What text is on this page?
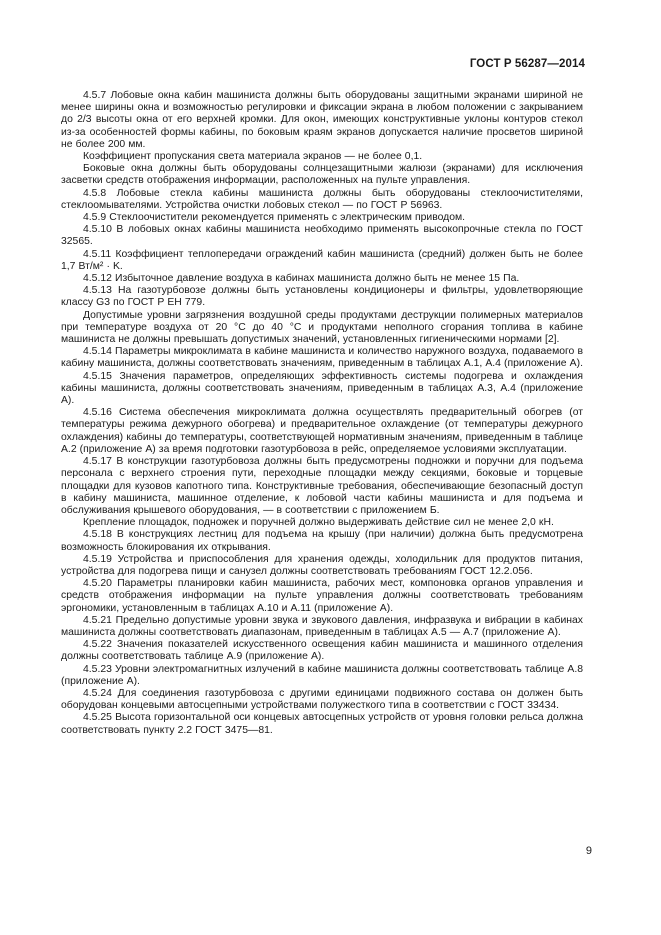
ГОСТ Р 56287—2014

4.5.7 Лобовые окна кабин машиниста должны быть оборудованы защитными экранами шириной не менее ширины окна и возможностью регулировки и фиксации экрана в любом положении с закрыванием до 2/3 высоты окна от его верхней кромки. Для окон, имеющих конструктивные уклоны контуров стекол из-за особенностей формы кабины, по боковым краям экранов допускается наличие просветов шириной не более 200 мм.

Коэффициент пропускания света материала экранов — не более 0,1.

Боковые окна должны быть оборудованы солнцезащитными жалюзи (экранами) для исключения засветки средств отображения информации, расположенных на пульте управления.

4.5.8 Лобовые стекла кабины машиниста должны быть оборудованы стеклоочистителями, стеклоомывателями. Устройства очистки лобовых стекол — по ГОСТ Р 56963.

4.5.9 Стеклоочистители рекомендуется применять с электрическим приводом.

4.5.10 В лобовых окнах кабины машиниста необходимо применять высокопрочные стекла по ГОСТ 32565.

4.5.11 Коэффициент теплопередачи ограждений кабин машиниста (средний) должен быть не более 1,7 Вт/м² · K.

4.5.12 Избыточное давление воздуха в кабинах машиниста должно быть не менее 15 Па.

4.5.13 На газотурбовозе должны быть установлены кондиционеры и фильтры, удовлетворяющие классу G3 по ГОСТ Р ЕН 779.

Допустимые уровни загрязнения воздушной среды продуктами деструкции полимерных материалов при температуре воздуха от 20 °С до 40 °С и продуктами неполного сгорания топлива в кабине машиниста не должны превышать допустимых значений, установленных гигиеническими нормами [2].

4.5.14 Параметры микроклимата в кабине машиниста и количество наружного воздуха, подаваемого в кабину машиниста, должны соответствовать значениям, приведенным в таблицах А.1, А.4 (приложение А).

4.5.15 Значения параметров, определяющих эффективность системы подогрева и охлаждения кабины машиниста, должны соответствовать значениям, приведенным в таблицах А.3, А.4 (приложение А).

4.5.16 Система обеспечения микроклимата должна осуществлять предварительный обогрев (от температуры режима дежурного обогрева) и предварительное охлаждение (от температуры дежурного охлаждения) кабины до температуры, соответствующей нормативным значениям, приведенным в таблице А.2 (приложение А) за время подготовки газотурбовоза в рейс, определяемое условиями эксплуатации.

4.5.17 В конструкции газотурбовоза должны быть предусмотрены подножки и поручни для подъема персонала с верхнего строения пути, переходные площадки между секциями, боковые и торцевые площадки для кузовов капотного типа. Конструктивные требования, обеспечивающие безопасный доступ в кабину машиниста, машинное отделение, к лобовой части кабины машиниста и для подъема и обслуживания крышевого оборудования, — в соответствии с приложением Б.

Крепление площадок, подножек и поручней должно выдерживать действие сил не менее 2,0 кН.

4.5.18 В конструкциях лестниц для подъема на крышу (при наличии) должна быть предусмотрена возможность блокирования их открывания.

4.5.19 Устройства и приспособления для хранения одежды, холодильник для продуктов питания, устройства для подогрева пищи и санузел должны соответствовать требованиям ГОСТ 12.2.056.

4.5.20 Параметры планировки кабин машиниста, рабочих мест, компоновка органов управления и средств отображения информации на пульте управления должны соответствовать требованиям эргономики, установленным в таблицах А.10 и А.11 (приложение А).

4.5.21 Предельно допустимые уровни звука и звукового давления, инфразвука и вибрации в кабинах машиниста должны соответствовать диапазонам, приведенным в таблицах А.5 — А.7 (приложение А).

4.5.22 Значения показателей искусственного освещения кабин машиниста и машинного отделения должны соответствовать таблице А.9 (приложение А).

4.5.23 Уровни электромагнитных излучений в кабине машиниста должны соответствовать таблице А.8 (приложение А).

4.5.24 Для соединения газотурбовоза с другими единицами подвижного состава он должен быть оборудован концевыми автосцепными устройствами полужесткого типа в соответствии с ГОСТ 33434.

4.5.25 Высота горизонтальной оси концевых автосцепных устройств от уровня головки рельса должна соответствовать пункту 2.2 ГОСТ 3475—81.

9
